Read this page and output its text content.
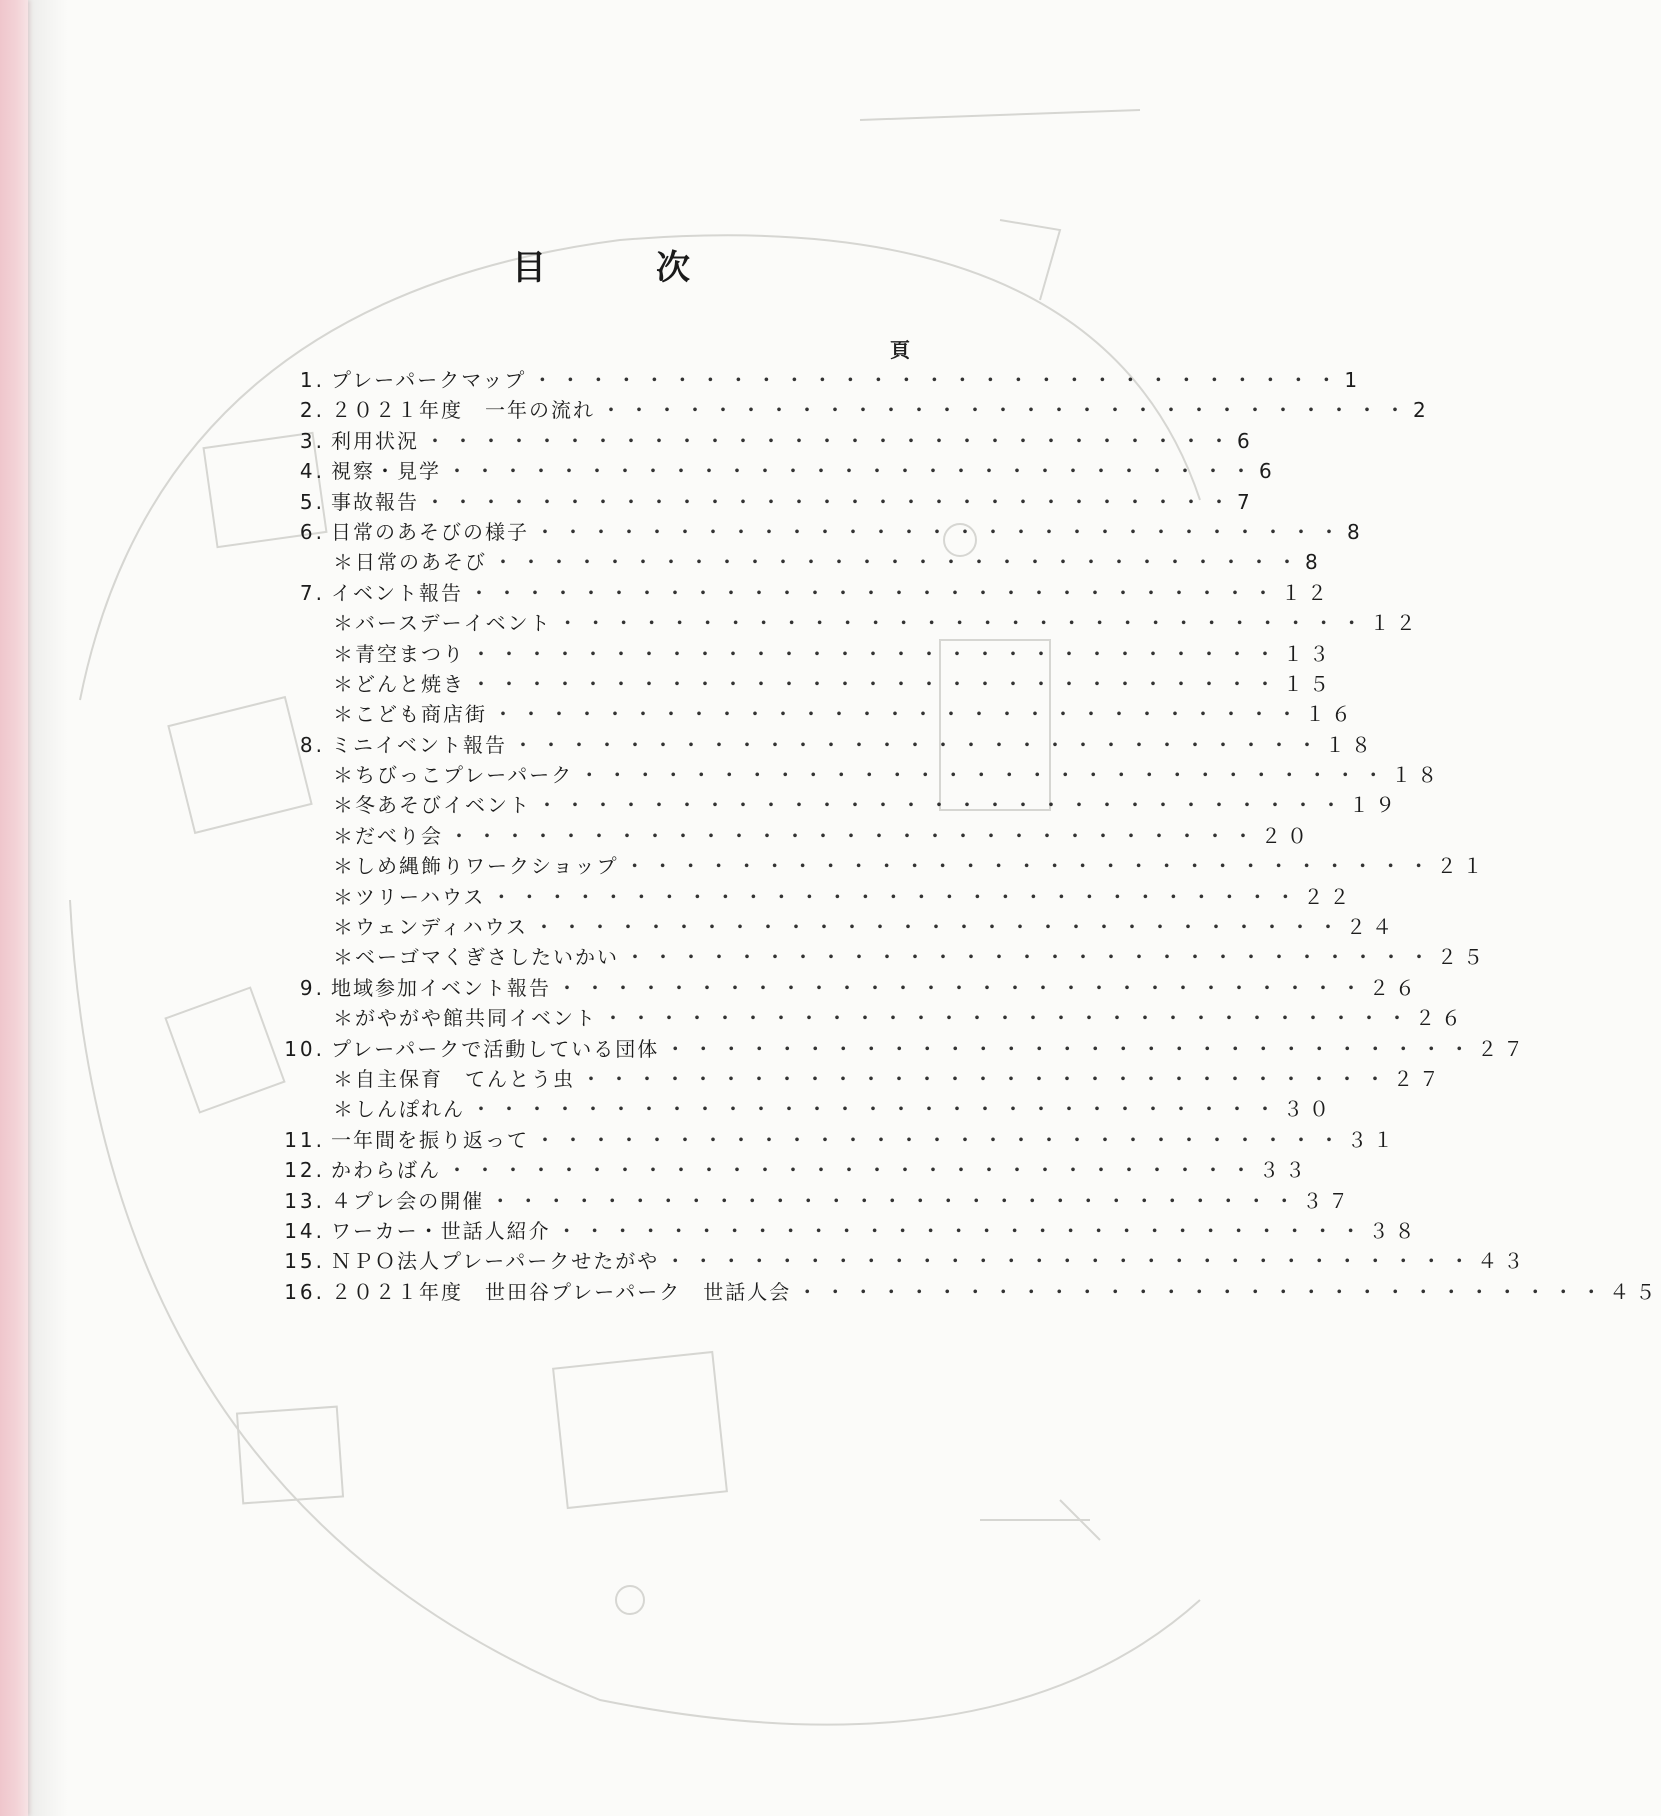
目　次
頁
1. プレーパークマップ ・・・・・・・・・・・・・・・・・・・・・・・・・・・・・ 1
2. ２０２１年度　一年の流れ ・・・・・・・・・・・・・・・・・・・・・・・・・・・・・ 2
3. 利用状況 ・・・・・・・・・・・・・・・・・・・・・・・・・・・・・ 6
4. 視察・見学 ・・・・・・・・・・・・・・・・・・・・・・・・・・・・・ 6
5. 事故報告 ・・・・・・・・・・・・・・・・・・・・・・・・・・・・・ 7
6. 日常のあそびの様子 ・・・・・・・・・・・・・・・・・・・・・・・・・・・・・ 8
＊日常のあそび ・・・・・・・・・・・・・・・・・・・・・・・・・・・・・ 8
7. イベント報告 ・・・・・・・・・・・・・・・・・・・・・・・・・・・・・ １２
＊バースデーイベント ・・・・・・・・・・・・・・・・・・・・・・・・・・・・・ １２
＊青空まつり ・・・・・・・・・・・・・・・・・・・・・・・・・・・・・ １３
＊どんと焼き ・・・・・・・・・・・・・・・・・・・・・・・・・・・・・ １５
＊こども商店街 ・・・・・・・・・・・・・・・・・・・・・・・・・・・・・ １６
8. ミニイベント報告 ・・・・・・・・・・・・・・・・・・・・・・・・・・・・・ １８
＊ちびっこプレーパーク ・・・・・・・・・・・・・・・・・・・・・・・・・・・・・ １８
＊冬あそびイベント ・・・・・・・・・・・・・・・・・・・・・・・・・・・・・ １９
＊だべり会 ・・・・・・・・・・・・・・・・・・・・・・・・・・・・・ ２０
＊しめ縄飾りワークショップ ・・・・・・・・・・・・・・・・・・・・・・・・・・・・・ ２１
＊ツリーハウス ・・・・・・・・・・・・・・・・・・・・・・・・・・・・・ ２２
＊ウェンディハウス ・・・・・・・・・・・・・・・・・・・・・・・・・・・・・ ２４
＊ベーゴマくぎさしたいかい ・・・・・・・・・・・・・・・・・・・・・・・・・・・・・ ２５
9. 地域参加イベント報告 ・・・・・・・・・・・・・・・・・・・・・・・・・・・・・ ２６
＊がやがや館共同イベント ・・・・・・・・・・・・・・・・・・・・・・・・・・・・・ ２６
10. プレーパークで活動している団体 ・・・・・・・・・・・・・・・・・・・・・・・・・・・・・ ２７
＊自主保育　てんとう虫 ・・・・・・・・・・・・・・・・・・・・・・・・・・・・・ ２７
＊しんぽれん ・・・・・・・・・・・・・・・・・・・・・・・・・・・・・ ３０
11. 一年間を振り返って ・・・・・・・・・・・・・・・・・・・・・・・・・・・・・ ３１
12. かわらばん ・・・・・・・・・・・・・・・・・・・・・・・・・・・・・ ３３
13. ４プレ会の開催 ・・・・・・・・・・・・・・・・・・・・・・・・・・・・・ ３７
14. ワーカー・世話人紹介 ・・・・・・・・・・・・・・・・・・・・・・・・・・・・・ ３８
15. ＮＰＯ法人プレーパークせたがや ・・・・・・・・・・・・・・・・・・・・・・・・・・・・・ ４３
16. ２０２１年度　世田谷プレーパーク　世話人会 ・・・・・・・・・・・・・・・・・・・・・・・・・・・・・ ４５
